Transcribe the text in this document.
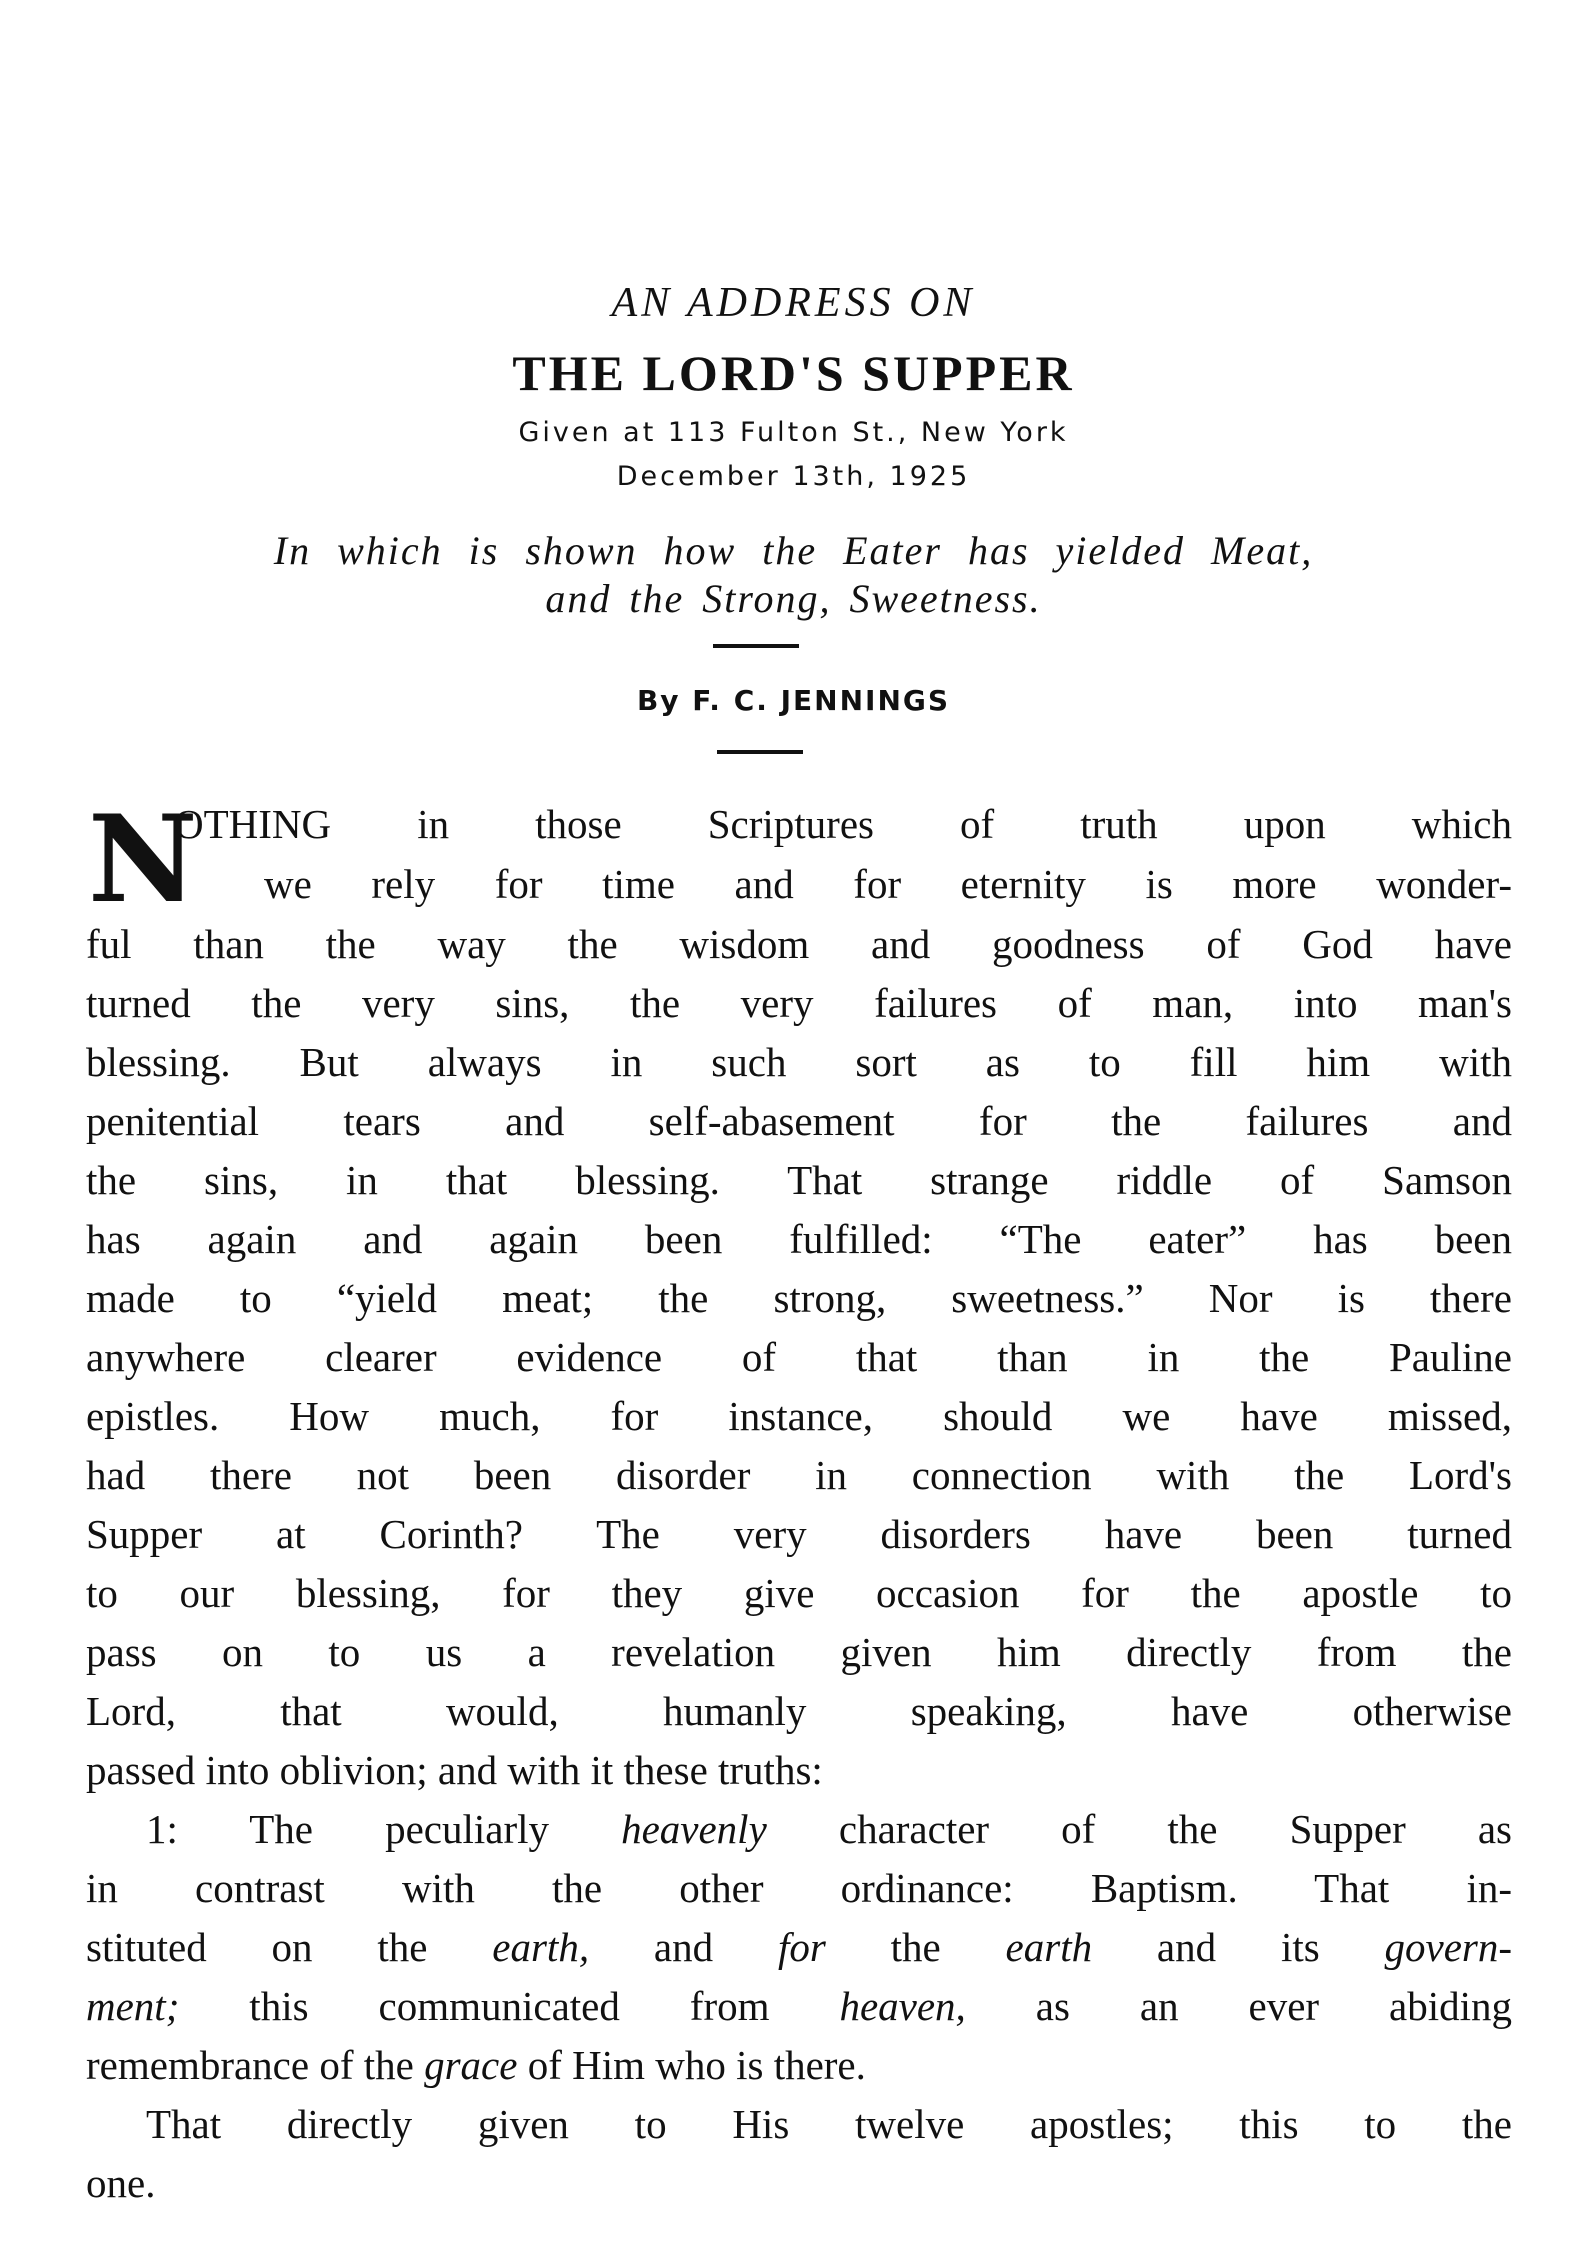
AN ADDRESS ON
THE LORD'S SUPPER
Given at 113 Fulton St., New York
December 13th, 1925
In which is shown how the Eater has yielded Meat,
and the Strong, Sweetness.
By F. C. JENNINGS
N
OTHING in those Scriptures of truth upon which
we rely for time and for eternity is more wonder-
ful than the way the wisdom and goodness of God have
turned the very sins, the very failures of man, into man's
blessing. But always in such sort as to fill him with
penitential tears and self-abasement for the failures and
the sins, in that blessing. That strange riddle of Samson
has again and again been fulfilled: “The eater” has been
made to “yield meat; the strong, sweetness.” Nor is there
anywhere clearer evidence of that than in the Pauline
epistles. How much, for instance, should we have missed,
had there not been disorder in connection with the Lord's
Supper at Corinth? The very disorders have been turned
to our blessing, for they give occasion for the apostle to
pass on to us a revelation given him directly from the
Lord, that would, humanly speaking, have otherwise
passed into oblivion; and with it these truths:
1: The peculiarly heavenly character of the Supper as
in contrast with the other ordinance: Baptism. That in-
stituted on the earth, and for the earth and its govern-
ment; this communicated from heaven, as an ever abiding
remembrance of the grace of Him who is there.
That directly given to His twelve apostles; this to the
one.
